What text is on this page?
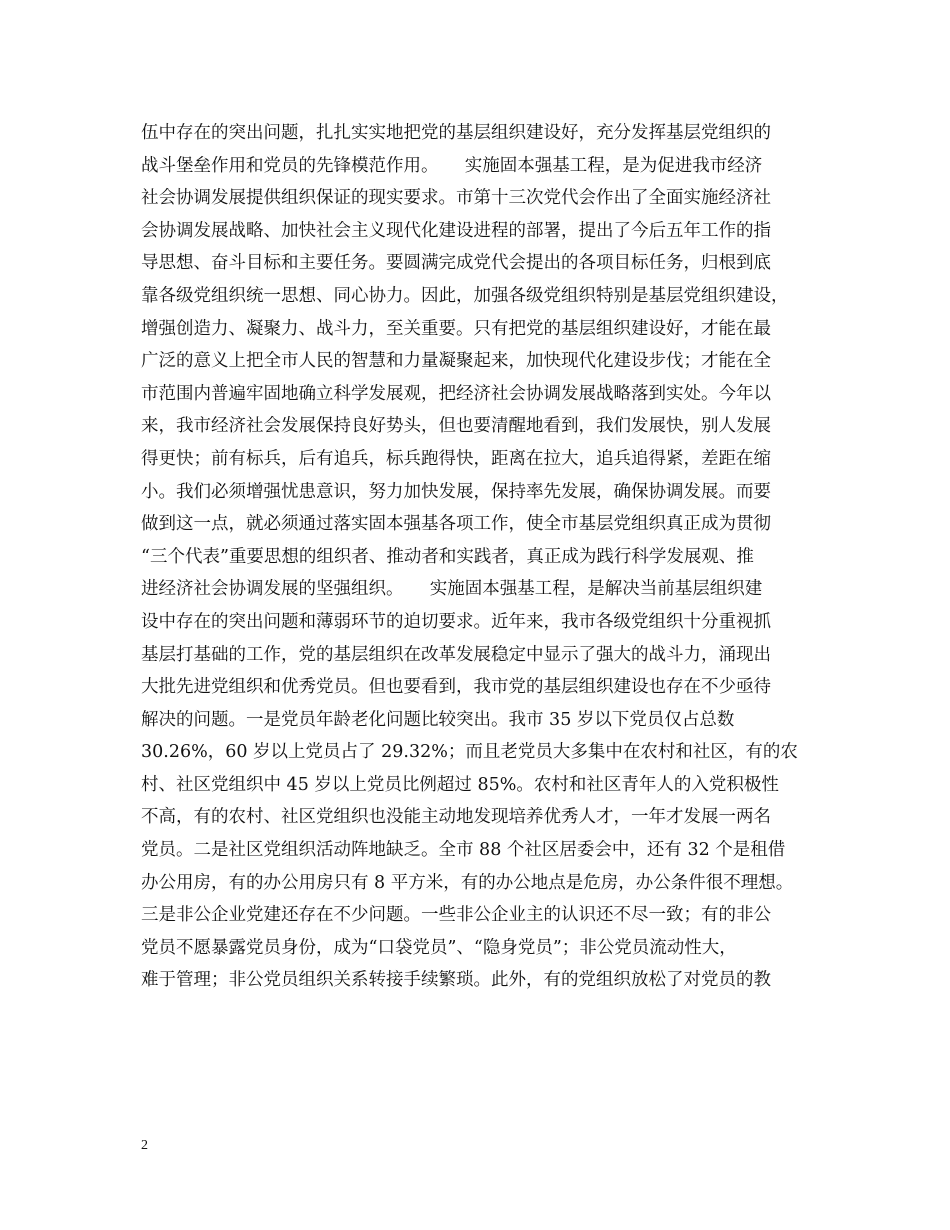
伍中存在的突出问题，扎扎实实地把党的基层组织建设好，充分发挥基层党组织的
战斗堡垒作用和党员的先锋模范作用。　　实施固本强基工程，是为促进我市经济
社会协调发展提供组织保证的现实要求。市第十三次党代会作出了全面实施经济社
会协调发展战略、加快社会主义现代化建设进程的部署，提出了今后五年工作的指
导思想、奋斗目标和主要任务。要圆满完成党代会提出的各项目标任务，归根到底
靠各级党组织统一思想、同心协力。因此，加强各级党组织特别是基层党组织建设，
增强创造力、凝聚力、战斗力，至关重要。只有把党的基层组织建设好，才能在最
广泛的意义上把全市人民的智慧和力量凝聚起来，加快现代化建设步伐；才能在全
市范围内普遍牢固地确立科学发展观，把经济社会协调发展战略落到实处。今年以
来，我市经济社会发展保持良好势头，但也要清醒地看到，我们发展快，别人发展
得更快；前有标兵，后有追兵，标兵跑得快，距离在拉大，追兵追得紧，差距在缩
小。我们必须增强忧患意识，努力加快发展，保持率先发展，确保协调发展。而要
做到这一点，就必须通过落实固本强基各项工作，使全市基层党组织真正成为贯彻
“三个代表”重要思想的组织者、推动者和实践者，真正成为践行科学发展观、推
进经济社会协调发展的坚强组织。　　实施固本强基工程，是解决当前基层组织建
设中存在的突出问题和薄弱环节的迫切要求。近年来，我市各级党组织十分重视抓
基层打基础的工作，党的基层组织在改革发展稳定中显示了强大的战斗力，涌现出
大批先进党组织和优秀党员。但也要看到，我市党的基层组织建设也存在不少亟待
解决的问题。一是党员年龄老化问题比较突出。我市 35 岁以下党员仅占总数
30.26%，60 岁以上党员占了 29.32%；而且老党员大多集中在农村和社区，有的农
村、社区党组织中 45 岁以上党员比例超过 85%。农村和社区青年人的入党积极性
不高，有的农村、社区党组织也没能主动地发现培养优秀人才，一年才发展一两名
党员。二是社区党组织活动阵地缺乏。全市 88 个社区居委会中，还有 32 个是租借
办公用房，有的办公用房只有 8 平方米，有的办公地点是危房，办公条件很不理想。
三是非公企业党建还存在不少问题。一些非公企业主的认识还不尽一致；有的非公
党员不愿暴露党员身份，成为“口袋党员”、“隐身党员”；非公党员流动性大，
难于管理；非公党员组织关系转接手续繁琐。此外，有的党组织放松了对党员的教
2
